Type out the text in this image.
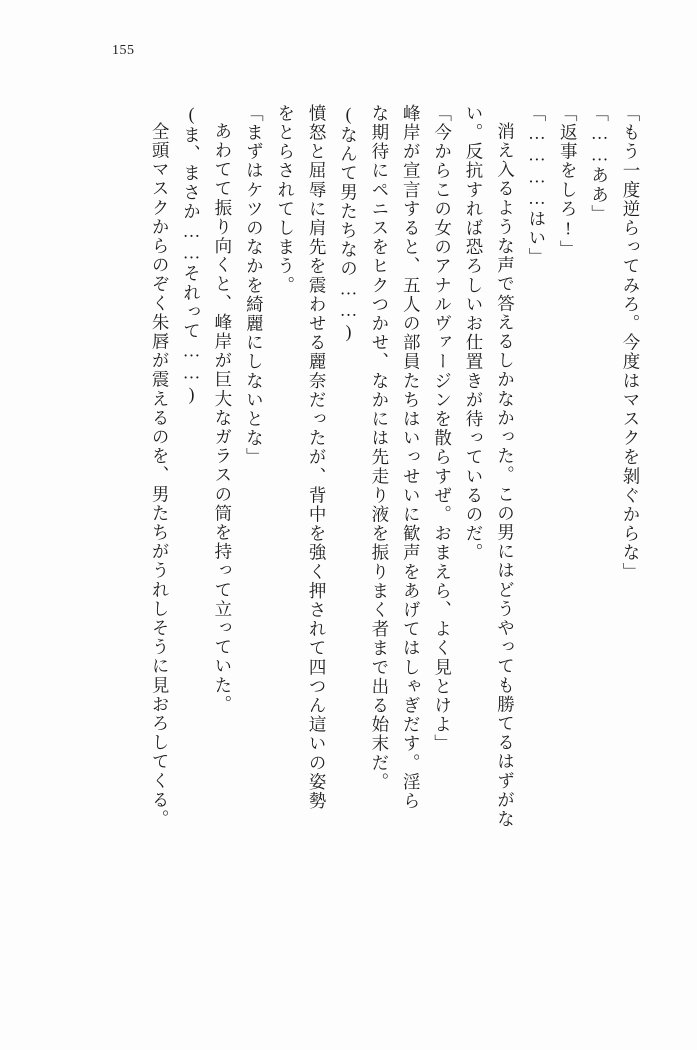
155
「もう一度逆らってみろ。今度はマスクを剝ぐからな」
「……ああ」
「返事をしろ!」
「…………はい」
消え入るような声で答えるしかなかった。この男にはどうやっても勝てるはずがな
い。反抗すれば恐ろしいお仕置きが待っているのだ。
「今からこの女のアナルヴァージンを散らすぜ。おまえら、よく見とけよ」
峰岸が宣言すると、五人の部員たちはいっせいに歓声をあげてはしゃぎだす。淫ら
な期待にペニスをヒクつかせ、なかには先走り液を振りまく者まで出る始末だ。
(なんて男たちなの……)
憤怒と屈辱に肩先を震わせる麗奈だったが、背中を強く押されて四つん這いの姿勢
をとらされてしまう。
「まずはケツのなかを綺麗にしないとな」
あわてて振り向くと、峰岸が巨大なガラスの筒を持って立っていた。
(ま、まさか……それって……)
全頭マスクからのぞく朱唇が震えるのを、男たちがうれしそうに見おろしてくる。
